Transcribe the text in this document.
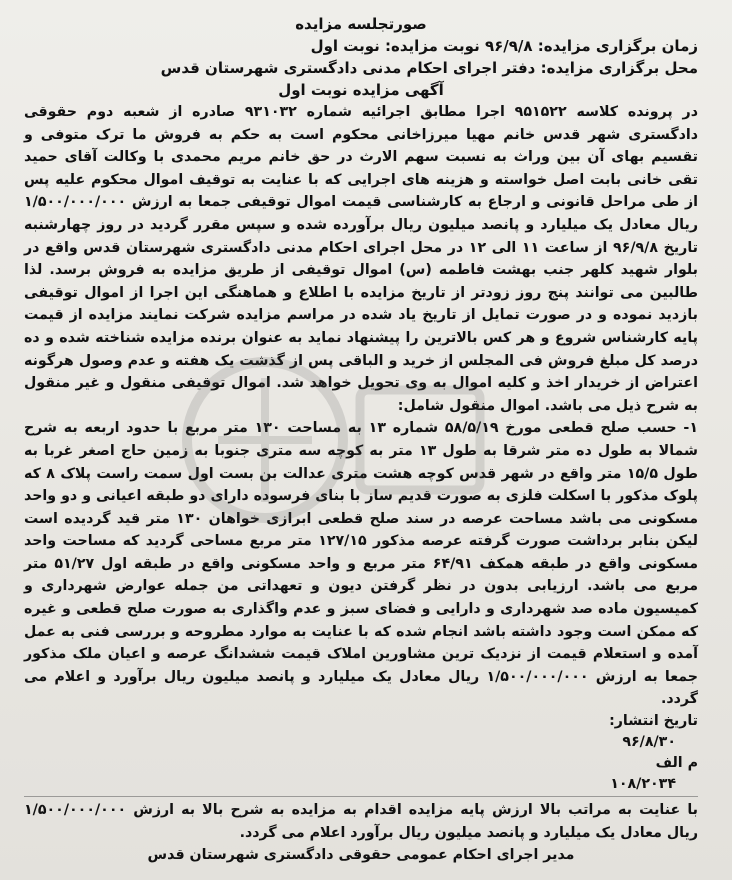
صورتجلسه مزایده

زمان برگزاری مزایده: ۹۶/۹/۸ نوبت مزایده: نوبت اول

محل برگزاری مزایده: دفتر اجرای احکام مدنی دادگستری شهرستان قدس

آگهی مزایده نوبت اول

در پرونده کلاسه ۹۵۱۵۲۲ اجرا مطابق اجرائیه شماره ۹۳۱۰۳۲ صادره از شعبه دوم حقوقی دادگستری شهر قدس خانم مهیا میرزاخانی محکوم است به حکم به فروش ما ترک متوفی و تقسیم بهای آن بین وراث به نسبت سهم الارث در حق خانم مریم محمدی با وکالت آقای حمید تقی خانی بابت اصل خواسته و هزینه های اجرایی که با عنایت به توقیف اموال محکوم علیه پس از طی مراحل قانونی و ارجاع به کارشناسی قیمت اموال توقیفی جمعا به ارزش ۱/۵۰۰/۰۰۰/۰۰۰ ریال معادل یک میلیارد و پانصد میلیون ریال برآورده شده و سپس مقرر گردید در روز چهارشنبه تاریخ ۹۶/۹/۸ از ساعت ۱۱ الی ۱۲ در محل اجرای احکام مدنی دادگستری شهرستان قدس واقع در بلوار شهید کلهر جنب بهشت فاطمه (س) اموال توقیفی از طریق مزایده به فروش برسد. لذا طالبین می توانند پنج روز زودتر از تاریخ مزایده با اطلاع و هماهنگی این اجرا از اموال توقیفی بازدید نموده و در صورت تمایل از تاریخ یاد شده در مراسم مزایده شرکت نمایند مزایده از قیمت پایه کارشناس شروع و هر کس بالاترین را پیشنهاد نماید به عنوان برنده مزایده شناخته شده و ده درصد کل مبلغ فروش فی المجلس از خرید و الباقی پس از گذشت یک هفته و عدم وصول هرگونه اعتراض از خریدار اخذ و کلیه اموال به وی تحویل خواهد شد. اموال توقیفی منقول و غیر منقول به شرح ذیل می باشد. اموال منقول شامل:

۱- حسب صلح قطعی مورخ ۵۸/۵/۱۹ شماره ۱۳ به مساحت ۱۳۰ متر مربع با حدود اربعه به شرح شمالا به طول ده متر شرقا به طول ۱۳ متر به کوچه سه متری جنوبا به زمین حاج اصغر غربا به طول ۱۵/۵ متر واقع در شهر قدس کوچه هشت متری عدالت بن بست اول سمت راست پلاک ۸ که پلوک مذکور با اسکلت فلزی به صورت قدیم ساز با بنای فرسوده دارای دو طبقه اعیانی و دو واحد مسکونی می باشد مساحت عرصه در سند صلح قطعی ابرازی خواهان ۱۳۰ متر قید گردیده است لیکن بنابر برداشت صورت گرفته عرصه مذکور ۱۲۷/۱۵ متر مربع مساحی گردید که مساحت واحد مسکونی واقع در طبقه همکف ۶۴/۹۱ متر مربع و واحد مسکونی واقع در طبقه اول ۵۱/۲۷ متر مربع می باشد. ارزیابی بدون در نظر گرفتن دیون و تعهداتی من جمله عوارض شهرداری و کمیسیون ماده صد شهرداری و دارایی و فضای سبز و عدم واگذاری به صورت صلح قطعی و غیره که ممکن است وجود داشته باشد انجام شده که با عنایت به موارد مطروحه و بررسی فنی به عمل آمده و استعلام قیمت از نزدیک ترین مشاورین املاک قیمت ششدانگ عرصه و اعیان ملک مذکور جمعا به ارزش ۱/۵۰۰/۰۰۰/۰۰۰ ریال معادل یک میلیارد و پانصد میلیون ریال برآورد و اعلام می گردد.

تاریخ انتشار:

۹۶/۸/۳۰

م الف

۱۰۸/۲۰۳۴

با عنایت به مراتب بالا ارزش پایه مزایده اقدام به مزایده به شرح بالا به ارزش ۱/۵۰۰/۰۰۰/۰۰۰ ریال معادل یک میلیارد و پانصد میلیون ریال برآورد اعلام می گردد.

مدیر اجرای احکام عمومی حقوقی دادگستری شهرستان قدس
